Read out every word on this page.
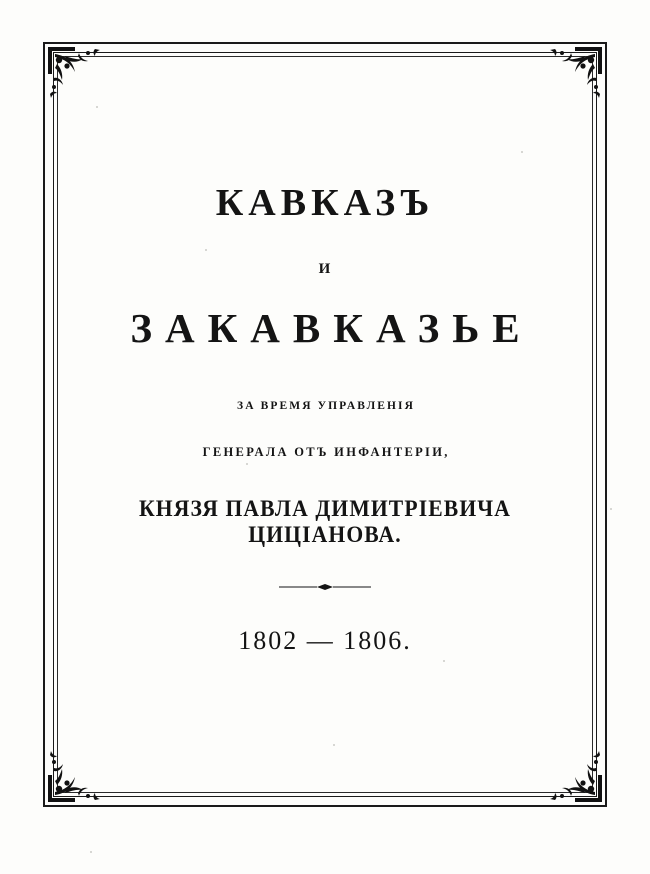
КАВКАЗЪ
И
ЗАКАВКАЗЬЕ
ЗА ВРЕМЯ УПРАВЛЕНІЯ
ГЕНЕРАЛА ОТЪ ИНФАНТЕРІИ,
КНЯЗЯ ПАВЛА ДИМИТРІЕВИЧА ЦИЦІАНОВА.
1802 — 1806.
